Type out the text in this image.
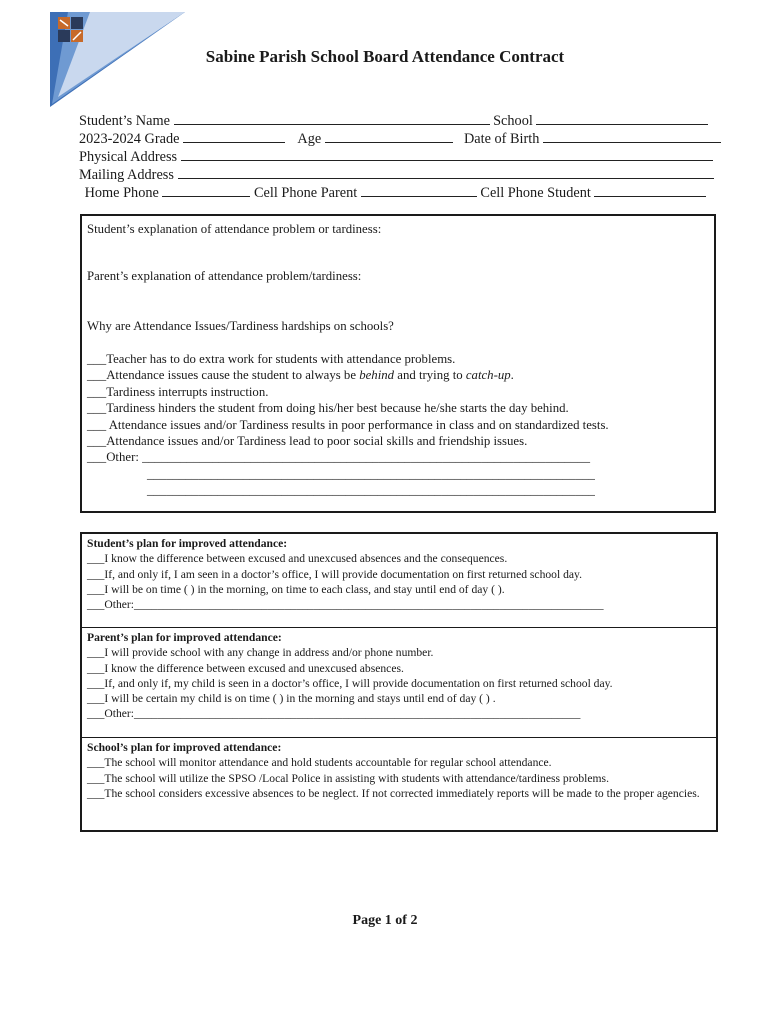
Sabine Parish School Board Attendance Contract
Student’s Name	School
2023-2024 Grade	Age	Date of Birth
Physical Address
Mailing Address
Home Phone	Cell Phone Parent	Cell Phone Student
Student’s explanation of attendance problem or tardiness:
Parent’s explanation of attendance problem/tardiness:
Why are Attendance Issues/Tardiness hardships on schools?
___Teacher has to do extra work for students with attendance problems.
___Attendance issues cause the student to always be behind and trying to catch-up.
___Tardiness interrupts instruction.
___Tardiness hinders the student from doing his/her best because he/she starts the day behind.
___ Attendance issues and/or Tardiness results in poor performance in class and on standardized tests.
___Attendance issues and/or Tardiness lead to poor social skills and friendship issues.
___Other: ______________________________________________________________________
______________________________________________________________________
______________________________________________________________________
Student’s plan for improved attendance:
___I know the difference between excused and unexcused absences and the consequences.
___If, and only if, I am seen in a doctor’s office, I will provide documentation on first returned school day.
___I will be on time ( ) in the morning, on time to each class, and stay until end of day ( ).
___Other:_________________________________________________________________________________
Parent’s plan for improved attendance:
___I will provide school with any change in address and/or phone number.
___I know the difference between excused and unexcused absences.
___If, and only if, my child is seen in a doctor’s office, I will provide documentation on first returned school day.
___I will be certain my child is on time ( ) in the morning and stays until end of day ( ) .
___Other:_____________________________________________________________________________
School’s plan for improved attendance:
___The school will monitor attendance and hold students accountable for regular school attendance.
___The school will utilize the SPSO /Local Police in assisting with students with attendance/tardiness problems.
___The school considers excessive absences to be neglect. If not corrected immediately reports will be made to the proper agencies.
Page 1 of 2
